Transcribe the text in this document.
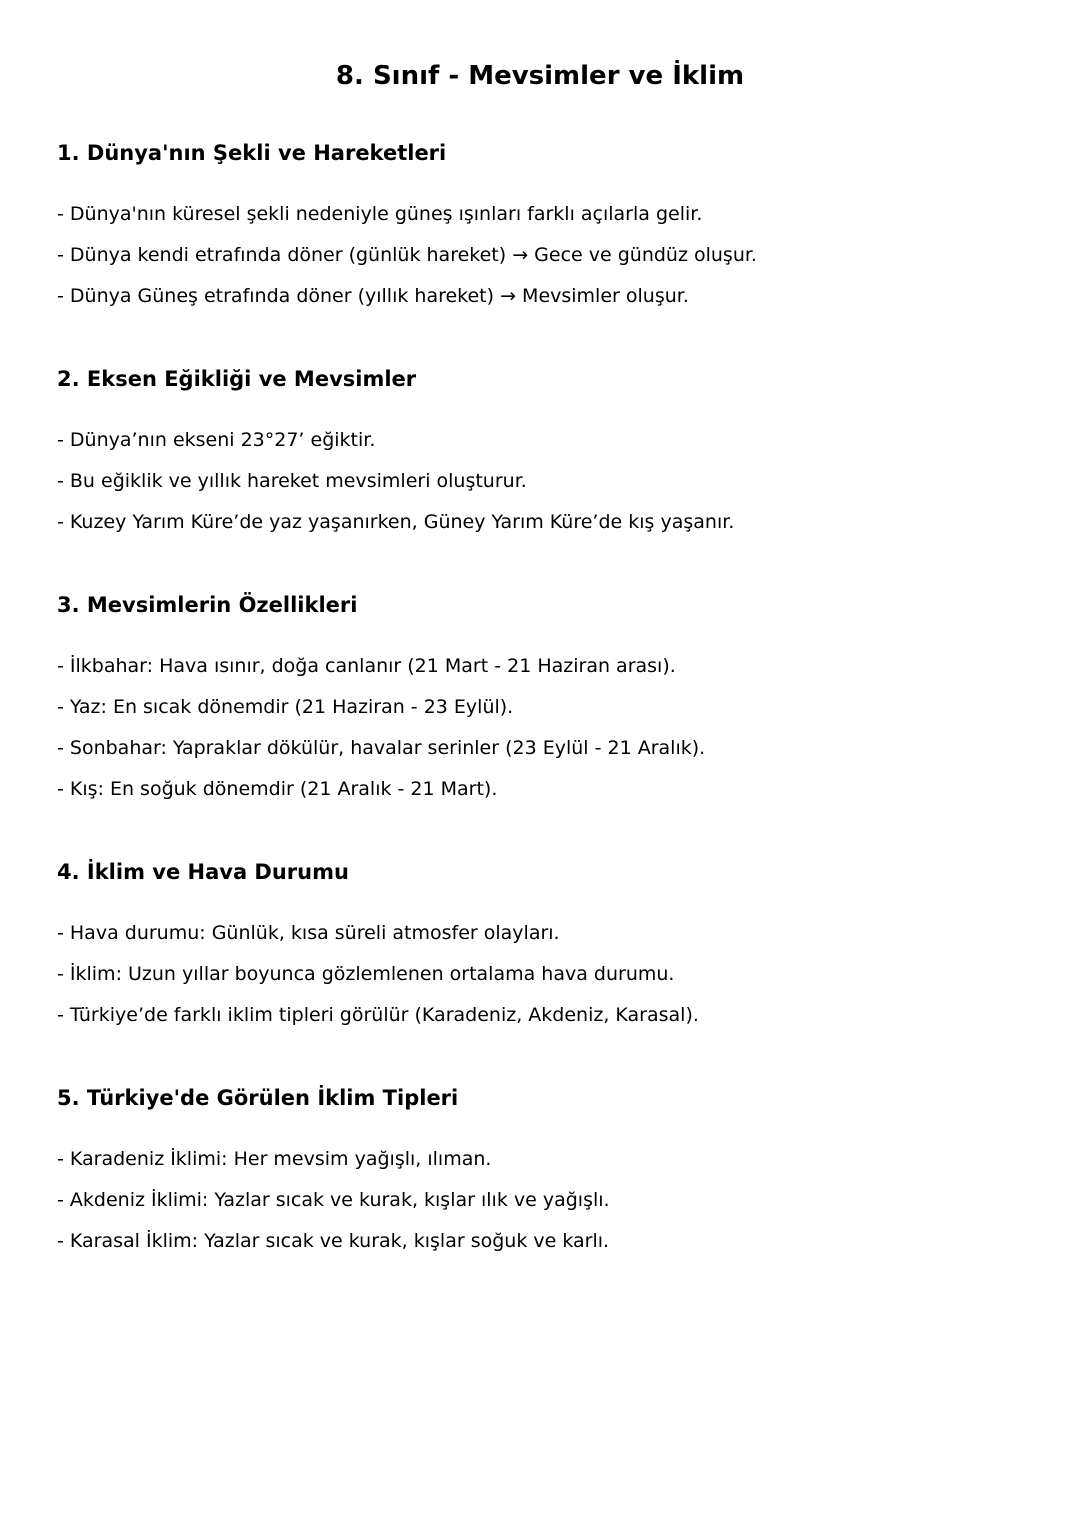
8. Sınıf - Mevsimler ve İklim
1. Dünya'nın Şekli ve Hareketleri
- Dünya'nın küresel şekli nedeniyle güneş ışınları farklı açılarla gelir.
- Dünya kendi etrafında döner (günlük hareket) → Gece ve gündüz oluşur.
- Dünya Güneş etrafında döner (yıllık hareket) → Mevsimler oluşur.
2. Eksen Eğikliği ve Mevsimler
- Dünya’nın ekseni 23°27’ eğiktir.
- Bu eğiklik ve yıllık hareket mevsimleri oluşturur.
- Kuzey Yarım Küre’de yaz yaşanırken, Güney Yarım Küre’de kış yaşanır.
3. Mevsimlerin Özellikleri
- İlkbahar: Hava ısınır, doğa canlanır (21 Mart - 21 Haziran arası).
- Yaz: En sıcak dönemdir (21 Haziran - 23 Eylül).
- Sonbahar: Yapraklar dökülür, havalar serinler (23 Eylül - 21 Aralık).
- Kış: En soğuk dönemdir (21 Aralık - 21 Mart).
4. İklim ve Hava Durumu
- Hava durumu: Günlük, kısa süreli atmosfer olayları.
- İklim: Uzun yıllar boyunca gözlemlenen ortalama hava durumu.
- Türkiye’de farklı iklim tipleri görülür (Karadeniz, Akdeniz, Karasal).
5. Türkiye'de Görülen İklim Tipleri
- Karadeniz İklimi: Her mevsim yağışlı, ılıman.
- Akdeniz İklimi: Yazlar sıcak ve kurak, kışlar ılık ve yağışlı.
- Karasal İklim: Yazlar sıcak ve kurak, kışlar soğuk ve karlı.
